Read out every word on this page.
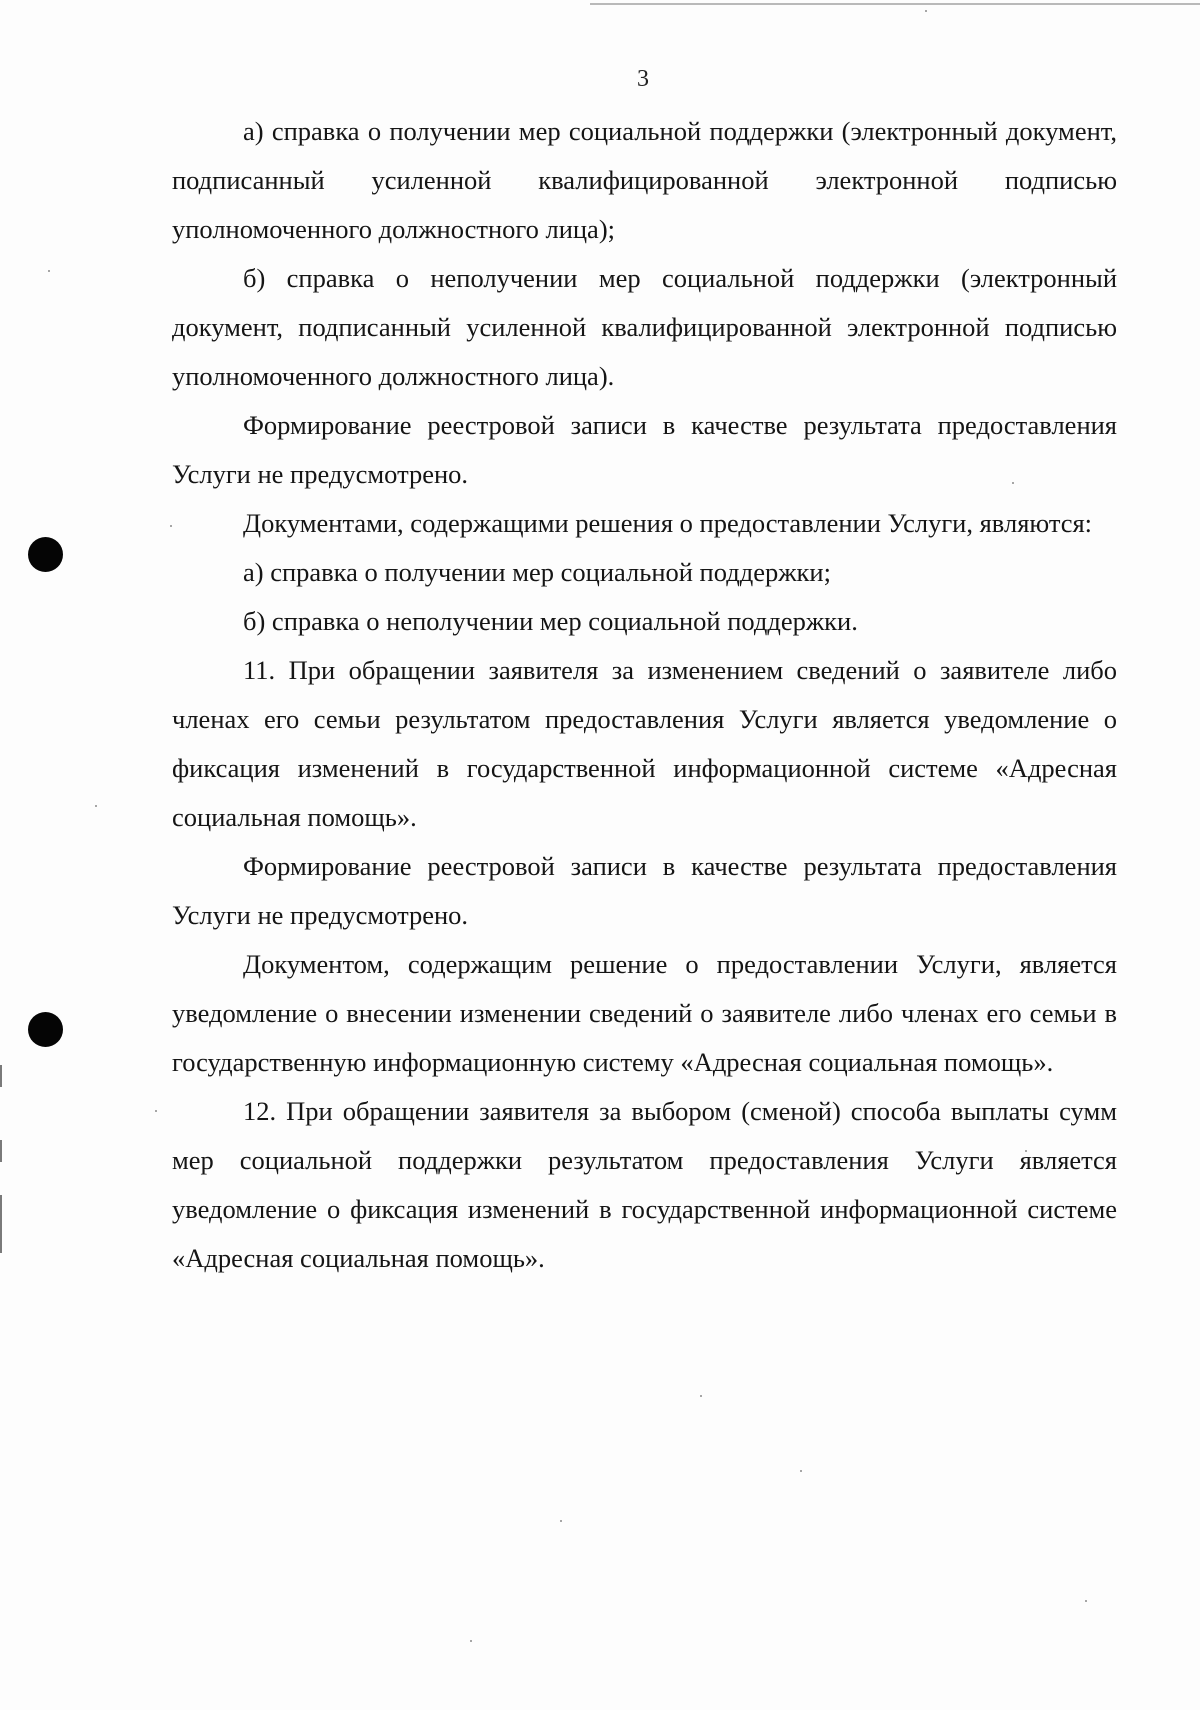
3

а) справка о получении мер социальной поддержки (электронный документ, подписанный усиленной квалифицированной электронной подписью уполномоченного должностного лица);

б) справка о неполучении мер социальной поддержки (электронный документ, подписанный усиленной квалифицированной электронной подписью уполномоченного должностного лица).

Формирование реестровой записи в качестве результата предоставления Услуги не предусмотрено.

Документами, содержащими решения о предоставлении Услуги, являются:

а) справка о получении мер социальной поддержки;

б) справка о неполучении мер социальной поддержки.

11. При обращении заявителя за изменением сведений о заявителе либо членах его семьи результатом предоставления Услуги является уведомление о фиксация изменений в государственной информационной системе «Адресная социальная помощь».

Формирование реестровой записи в качестве результата предоставления Услуги не предусмотрено.

Документом, содержащим решение о предоставлении Услуги, является уведомление о внесении изменении сведений о заявителе либо членах его семьи в государственную информационную систему «Адресная социальная помощь».

12. При обращении заявителя за выбором (сменой) способа выплаты сумм мер социальной поддержки результатом предоставления Услуги является уведомление о фиксация изменений в государственной информационной системе «Адресная социальная помощь».
